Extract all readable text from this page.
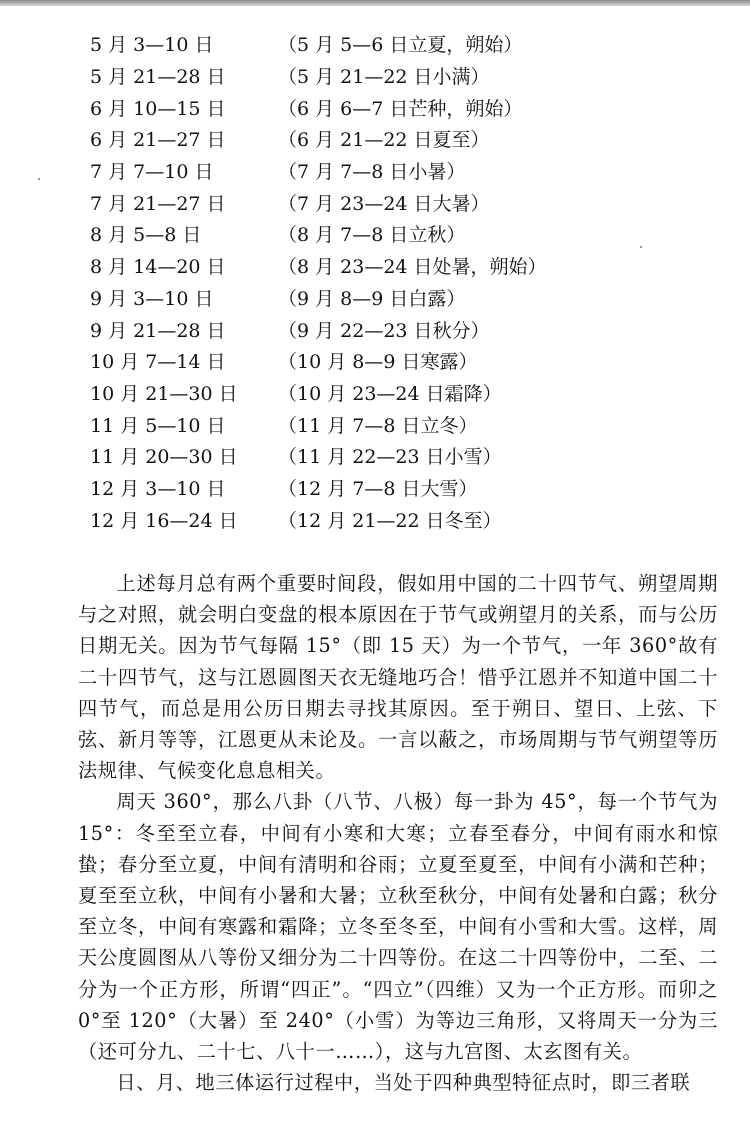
5 月 3—10 日	（5 月 5—6 日立夏，朔始）
5 月 21—28 日	（5 月 21—22 日小满）
6 月 10—15 日	（6 月 6—7 日芒种，朔始）
6 月 21—27 日	（6 月 21—22 日夏至）
7 月 7—10 日	（7 月 7—8 日小暑）
7 月 21—27 日	（7 月 23—24 日大暑）
8 月 5—8 日	（8 月 7—8 日立秋）
8 月 14—20 日	（8 月 23—24 日处暑，朔始）
9 月 3—10 日	（9 月 8—9 日白露）
9 月 21—28 日	（9 月 22—23 日秋分）
10 月 7—14 日	（10 月 8—9 日寒露）
10 月 21—30 日	（10 月 23—24 日霜降）
11 月 5—10 日	（11 月 7—8 日立冬）
11 月 20—30 日	（11 月 22—23 日小雪）
12 月 3—10 日	（12 月 7—8 日大雪）
12 月 16—24 日	（12 月 21—22 日冬至）

上述每月总有两个重要时间段，假如用中国的二十四节气、朔望周期与之对照，就会明白变盘的根本原因在于节气或朔望月的关系，而与公历日期无关。因为节气每隔 15°（即 15 天）为一个节气，一年 360°故有二十四节气，这与江恩圆图天衣无缝地巧合！惜乎江恩并不知道中国二十四节气，而总是用公历日期去寻找其原因。至于朔日、望日、上弦、下弦、新月等等，江恩更从未论及。一言以蔽之，市场周期与节气朔望等历法规律、气候变化息息相关。

周天 360°，那么八卦（八节、八极）每一卦为 45°，每一个节气为 15°：冬至至立春，中间有小寒和大寒；立春至春分，中间有雨水和惊蛰；春分至立夏，中间有清明和谷雨；立夏至夏至，中间有小满和芒种；夏至至立秋，中间有小暑和大暑；立秋至秋分，中间有处暑和白露；秋分至立冬，中间有寒露和霜降；立冬至冬至，中间有小雪和大雪。这样，周天公度圆图从八等份又细分为二十四等份。在这二十四等份中，二至、二分为一个正方形，所谓“四正”。“四立”（四维）又为一个正方形。而卯之 0°至 120°（大暑）至 240°（小雪）为等边三角形，又将周天一分为三（还可分九、二十七、八十一……），这与九宫图、太玄图有关。

日、月、地三体运行过程中，当处于四种典型特征点时，即三者联
